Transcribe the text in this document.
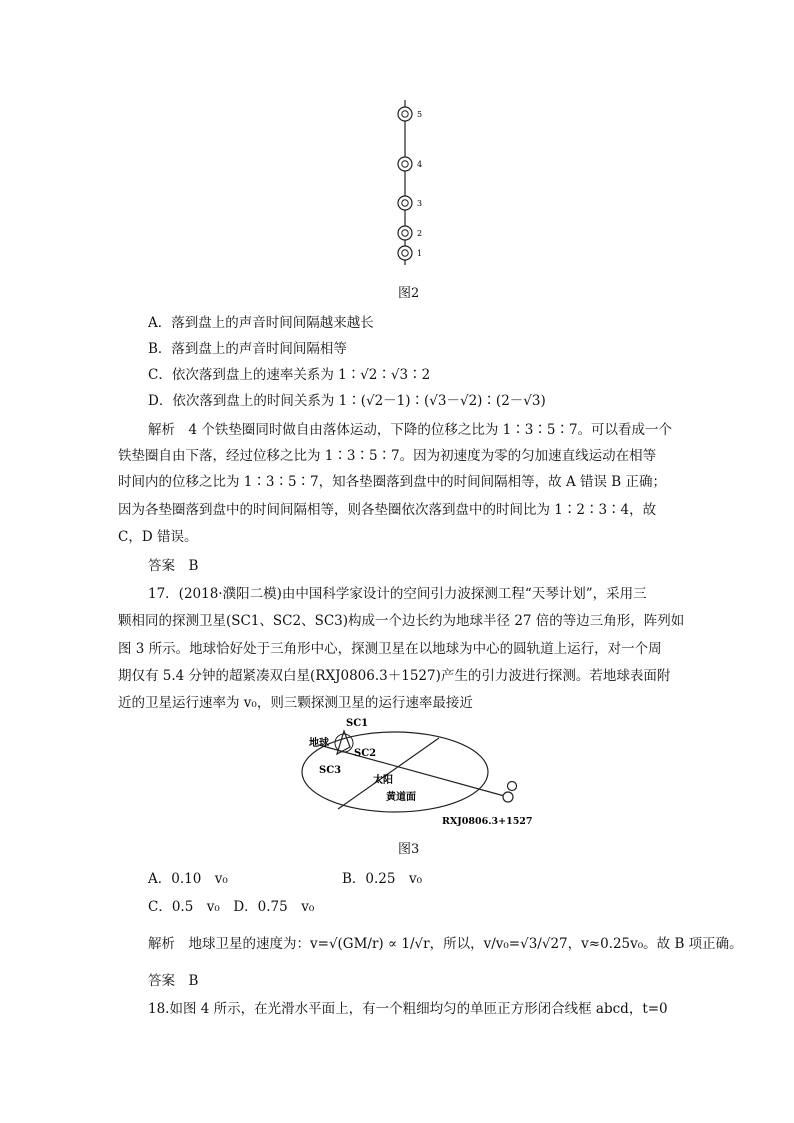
5
4
3
2
1
图2
A．落到盘上的声音时间间隔越来越长
B．落到盘上的声音时间间隔相等
C．依次落到盘上的速率关系为 1∶√2∶√3∶2
D．依次落到盘上的时间关系为 1∶(√2－1)∶(√3－√2)∶(2－√3)
解析　4 个铁垫圈同时做自由落体运动，下降的位移之比为 1∶3∶5∶7。可以看成一个
铁垫圈自由下落，经过位移之比为 1∶3∶5∶7。因为初速度为零的匀加速直线运动在相等
时间内的位移之比为 1∶3∶5∶7，知各垫圈落到盘中的时间间隔相等，故 A 错误 B 正确；
因为各垫圈落到盘中的时间间隔相等，则各垫圈依次落到盘中的时间比为 1∶2∶3∶4，故
C，D 错误。
答案　B
17．(2018·濮阳二模)由中国科学家设计的空间引力波探测工程“天琴计划”，采用三
颗相同的探测卫星(SC1、SC2、SC3)构成一个边长约为地球半径 27 倍的等边三角形，阵列如
图 3 所示。地球恰好处于三角形中心，探测卫星在以地球为中心的圆轨道上运行，对一个周
期仅有 5.4 分钟的超紧凑双白星(RXJ0806.3＋1527)产生的引力波进行探测。若地球表面附
近的卫星运行速率为 v₀，则三颗探测卫星的运行速率最接近
SC1
地球
SC2
SC3
太阳
黄道面
RXJ0806.3+1527
图3
A．0.10　v₀	B．0.25　v₀
C．0.5　v₀　D．0.75　v₀
解析　地球卫星的速度为：v=√(GM/r) ∝ 1/√r，所以，v/v₀=√3/√27，v≈0.25v₀。故 B 项正确。
答案　B
18.如图 4 所示，在光滑水平面上，有一个粗细均匀的单匝正方形闭合线框 abcd，t=0
